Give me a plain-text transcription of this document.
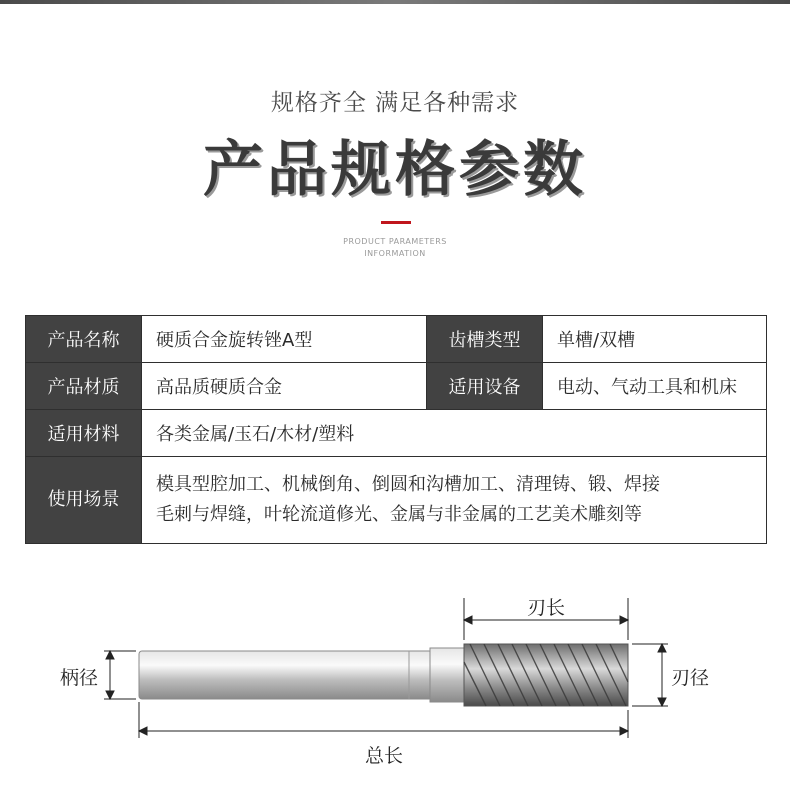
规格齐全 满足各种需求
产品规格参数
PRODUCT PARAMETERS
INFORMATION
产品名称	硬质合金旋转锉A型	齿槽类型	单槽/双槽
产品材质	高品质硬质合金	适用设备	电动、气动工具和机床
适用材料	各类金属/玉石/木材/塑料		
使用场景	模具型腔加工、机械倒角、倒圆和沟槽加工、清理铸、锻、焊接
毛刺与焊缝，叶轮流道修光、金属与非金属的工艺美术雕刻等		
刃长
刃径
柄径
总长
